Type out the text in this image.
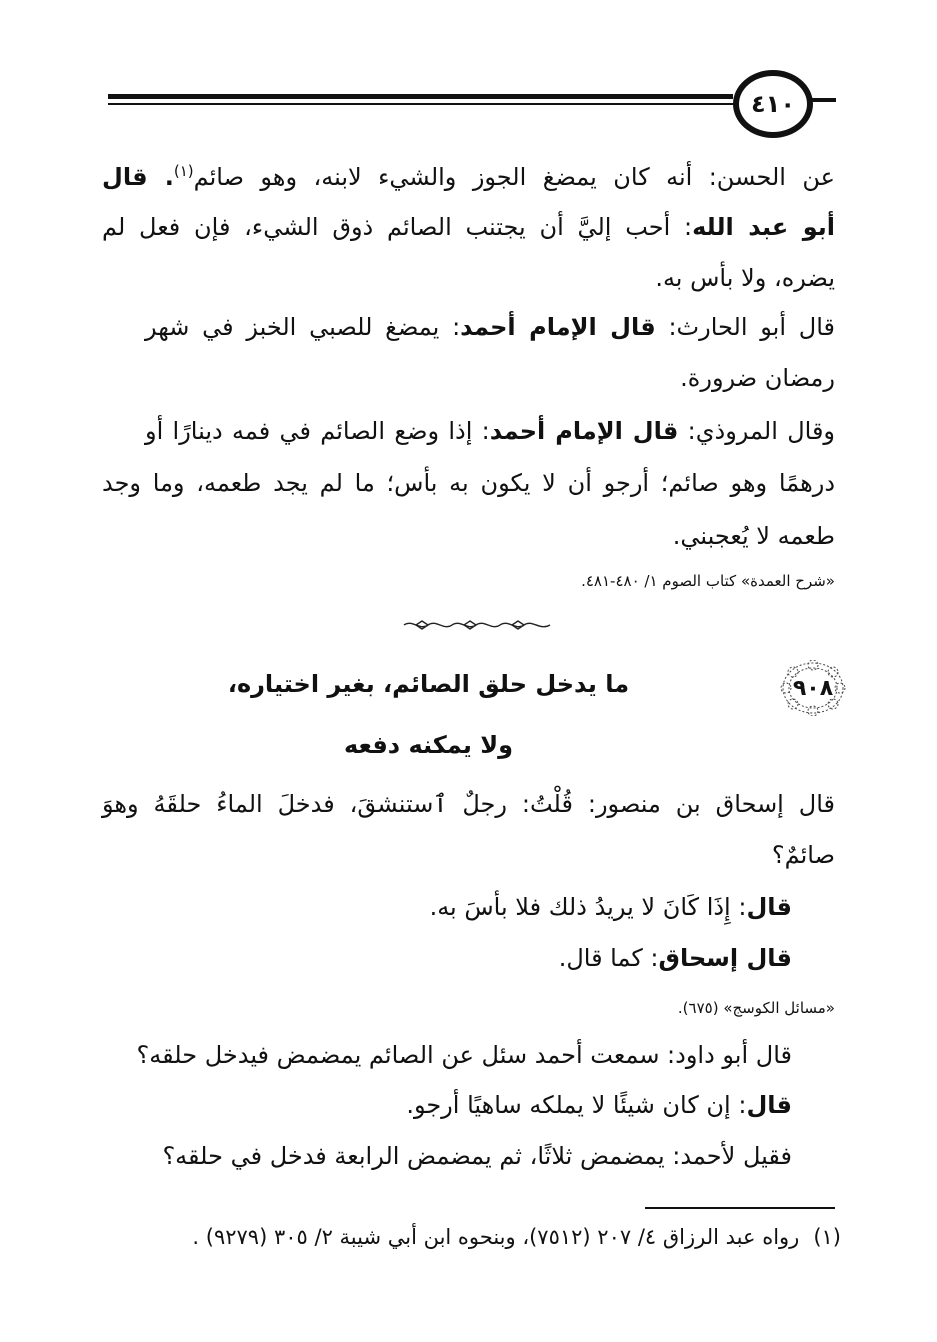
٤١٠
عن الحسن: أنه كان يمضغ الجوز والشيء لابنه، وهو صائم$^{(١)}$. قال
أبو عبد الله: أحب إليَّ أن يجتنب الصائم ذوق الشيء، فإن فعل لم
يضره، ولا بأس به.
قال أبو الحارث: قال الإمام أحمد: يمضغ للصبي الخبز في شهر
رمضان ضرورة.
وقال المروذي: قال الإمام أحمد: إذا وضع الصائم في فمه دينارًا أو
درهمًا وهو صائم؛ أرجو أن لا يكون به بأس؛ ما لم يجد طعمه، وما وجد
طعمه لا يُعجبني.
«شرح العمدة» كتاب الصوم ١/ ٤٨٠-٤٨١.
٩٠٨
ما يدخل حلق الصائم، بغير اختياره،
ولا يمكنه دفعه
قال إسحاق بن منصور: قُلْتُ: رجلٌ ٱستنشقَ، فدخلَ الماءُ حلقَهُ وهوَ
صائمٌ؟
قال: إِذَا كَانَ لا يريدُ ذلك فلا بأسَ به.
قال إسحاق: كما قال.
«مسائل الكوسج» (٦٧٥).
قال أبو داود: سمعت أحمد سئل عن الصائم يمضمض فيدخل حلقه؟
قال: إن كان شيئًا لا يملكه ساهيًا أرجو.
فقيل لأحمد: يمضمض ثلاثًا، ثم يمضمض الرابعة فدخل في حلقه؟
(١)رواه عبد الرزاق ٤/ ٢٠٧ (٧٥١٢)، وبنحوه ابن أبي شيبة ٢/ ٣٠٥ (٩٢٧٩) .
